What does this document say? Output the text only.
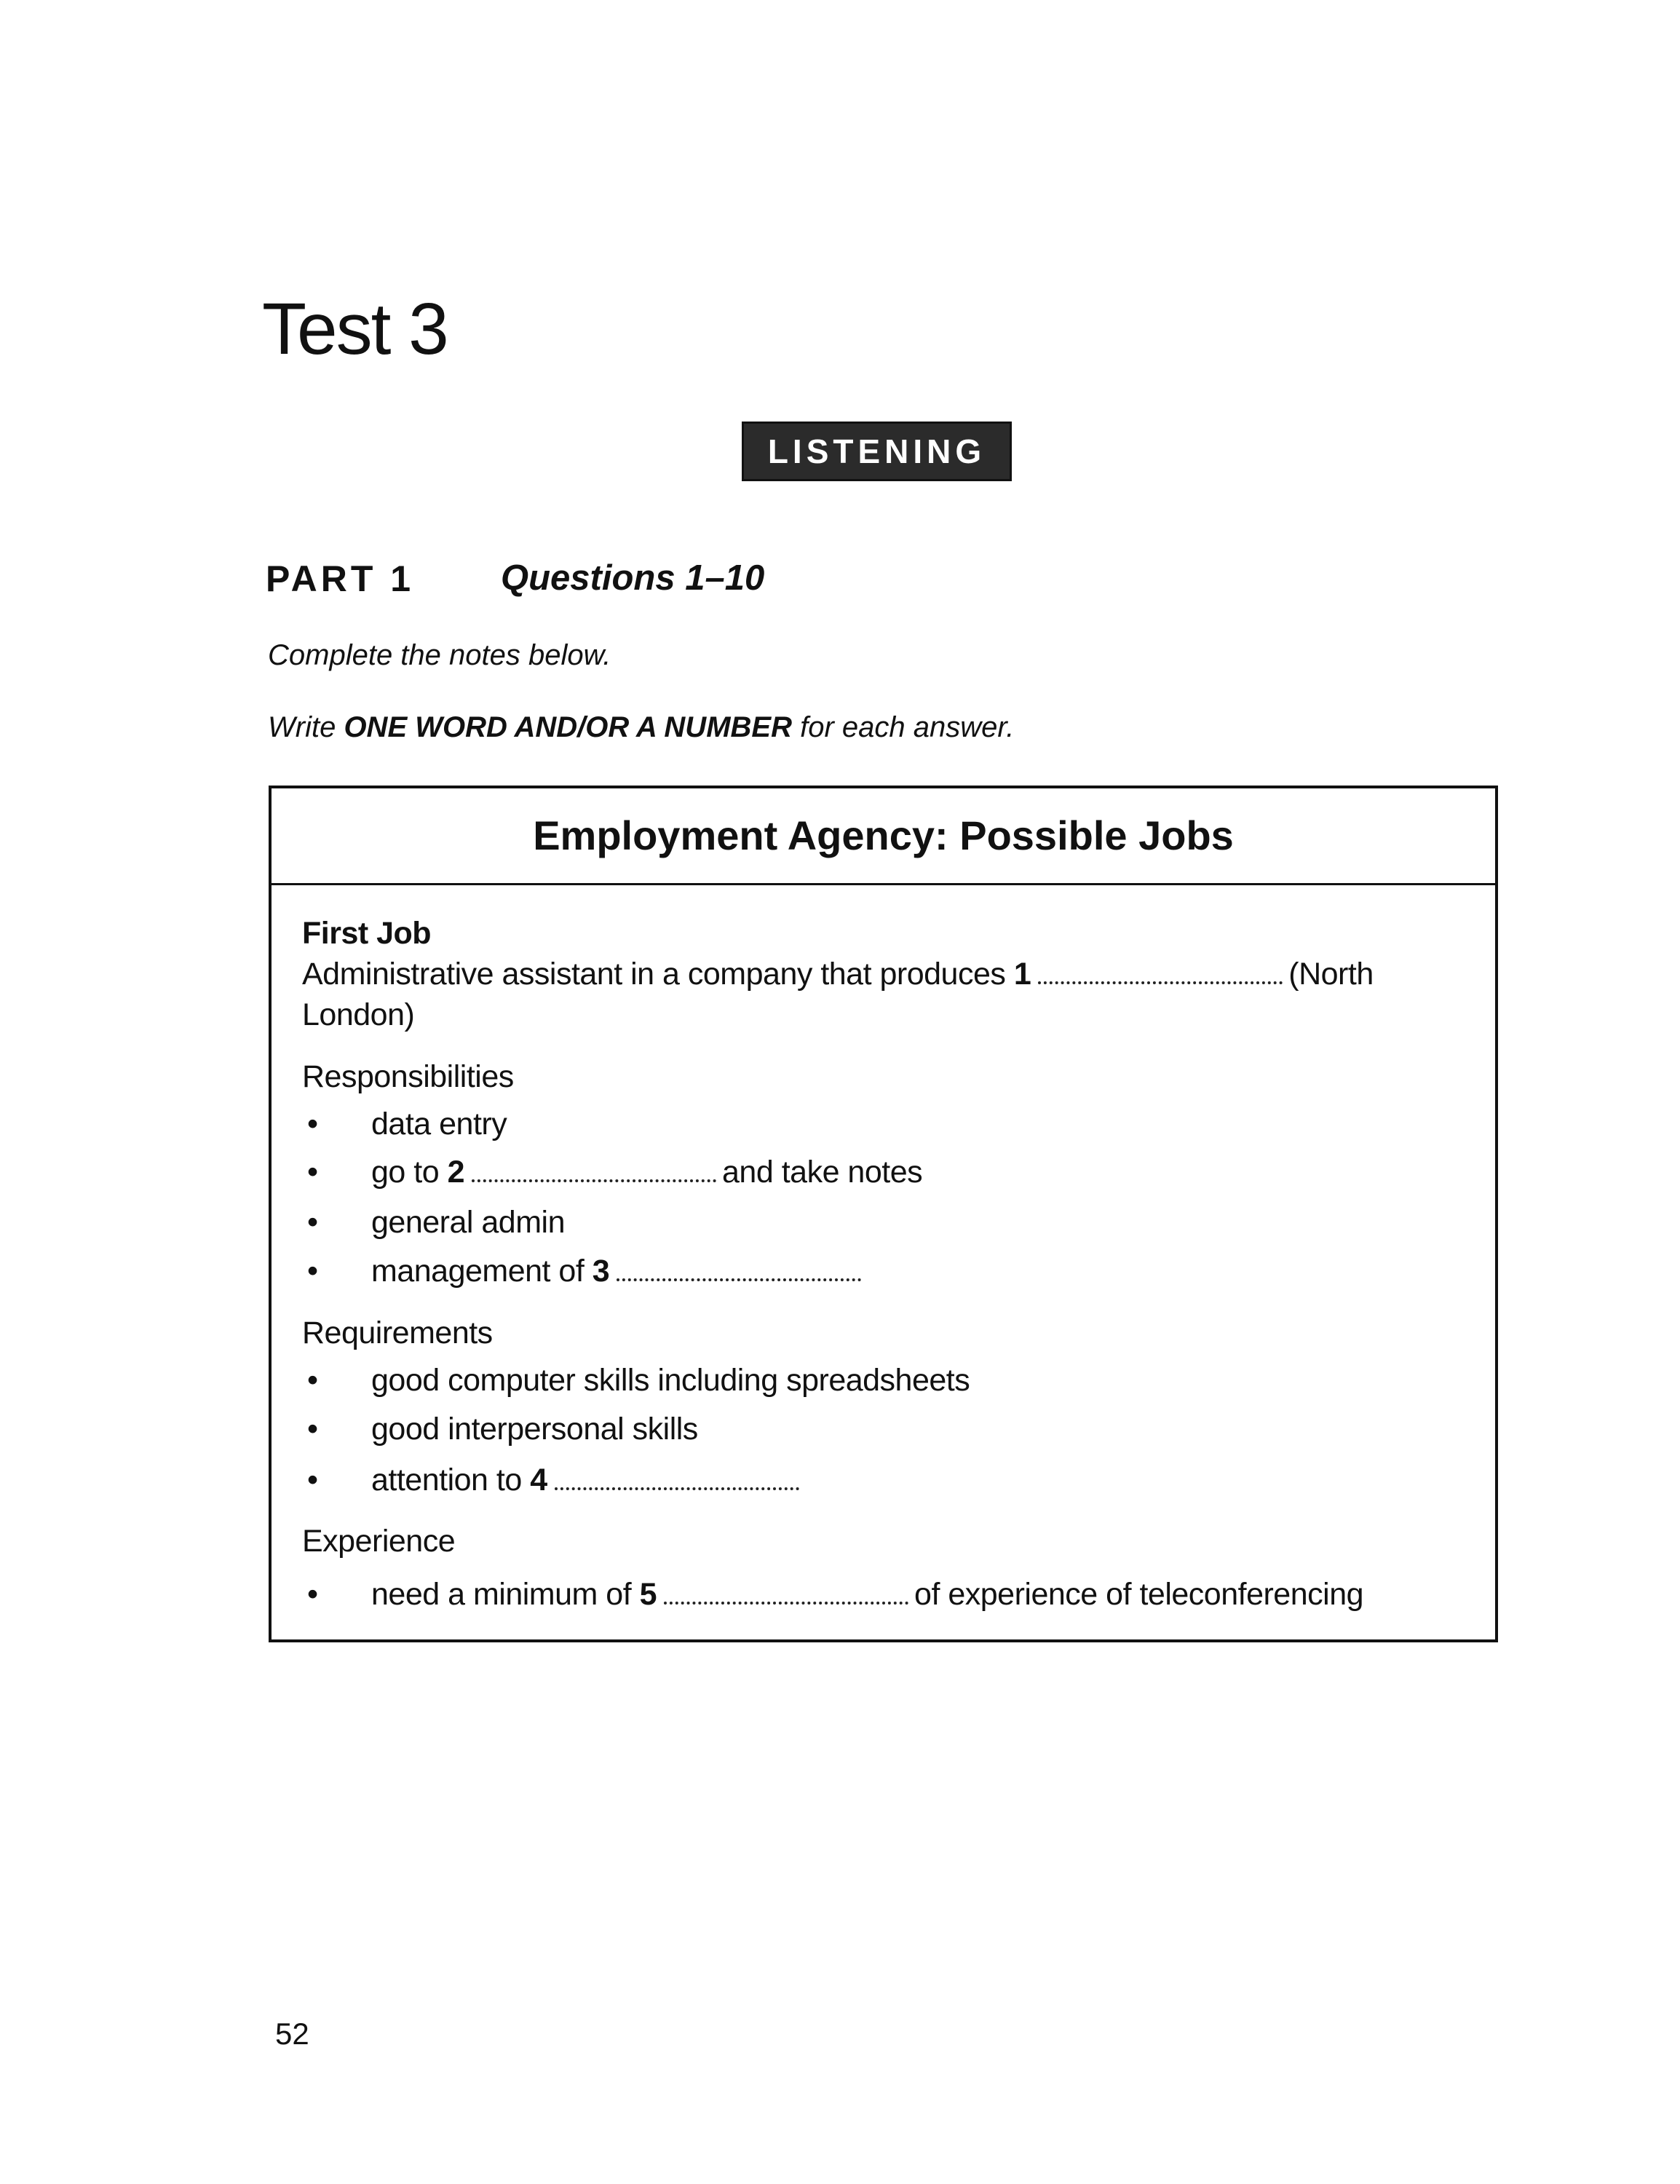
Test 3
LISTENING
PART 1 Questions 1–10
Complete the notes below.
Write ONE WORD AND/OR A NUMBER for each answer.
Employment Agency: Possible Jobs
First Job
Administrative assistant in a company that produces 1	(North
London)
Responsibilities
• data entry
• go to 2	and take notes
• general admin
• management of 3
Requirements
• good computer skills including spreadsheets
• good interpersonal skills
• attention to 4
Experience
• need a minimum of 5	of experience of teleconferencing
52
